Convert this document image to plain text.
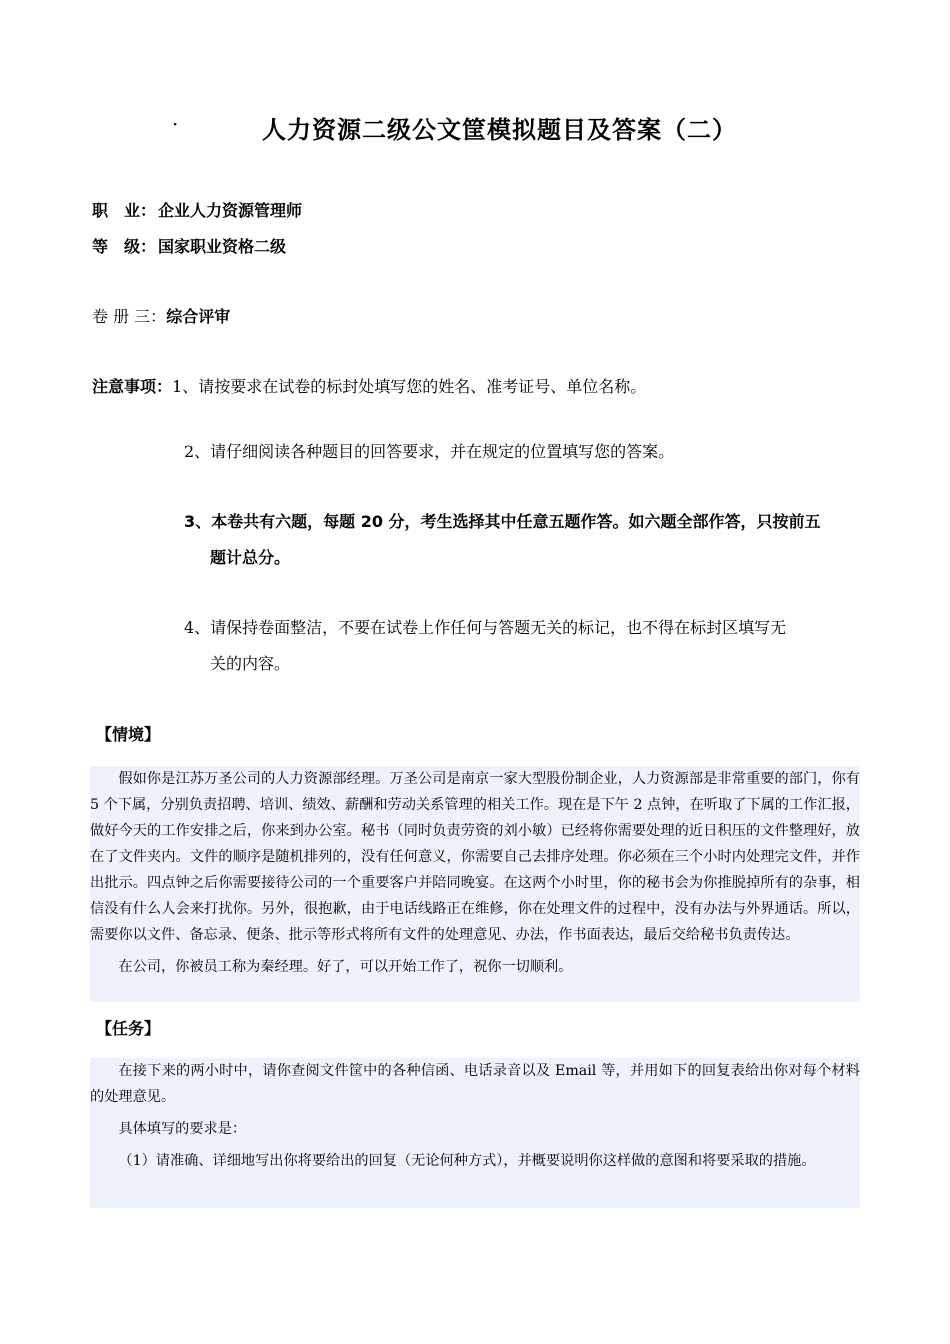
·	人力资源二级公文筐模拟题目及答案（二）
职　业： 企业人力资源管理师
等　级： 国家职业资格二级
卷 册 三：综合评审
注意事项：1、请按要求在试卷的标封处填写您的姓名、准考证号、单位名称。
2、请仔细阅读各种题目的回答要求，并在规定的位置填写您的答案。
3、本卷共有六题，每题 20 分，考生选择其中任意五题作答。如六题全部作答，只按前五
题计总分。
4、请保持卷面整洁，不要在试卷上作任何与答题无关的标记，也不得在标封区填写无
关的内容。
【情境】

假如你是江苏万圣公司的人力资源部经理。万圣公司是南京一家大型股份制企业，人力资源部是非常重要的部门，你有 5 个下属，分别负责招聘、培训、绩效、薪酬和劳动关系管理的相关工作。现在是下午 2 点钟，在听取了下属的工作汇报，做好今天的工作安排之后，你来到办公室。秘书（同时负责劳资的刘小敏）已经将你需要处理的近日积压的文件整理好，放在了文件夹内。文件的顺序是随机排列的，没有任何意义，你需要自己去排序处理。你必须在三个小时内处理完文件，并作出批示。四点钟之后你需要接待公司的一个重要客户并陪同晚宴。在这两个小时里，你的秘书会为你推脱掉所有的杂事，相信没有什么人会来打扰你。另外，很抱歉，由于电话线路正在维修，你在处理文件的过程中，没有办法与外界通话。所以，需要你以文件、备忘录、便条、批示等形式将所有文件的处理意见、办法，作书面表达，最后交给秘书负责传达。

在公司，你被员工称为秦经理。好了，可以开始工作了，祝你一切顺利。

【任务】

在接下来的两小时中，请你查阅文件筐中的各种信函、电话录音以及 Email 等，并用如下的回复表给出你对每个材料的处理意见。

具体填写的要求是：

（1）请准确、详细地写出你将要给出的回复（无论何种方式），并概要说明你这样做的意图和将要采取的措施。
